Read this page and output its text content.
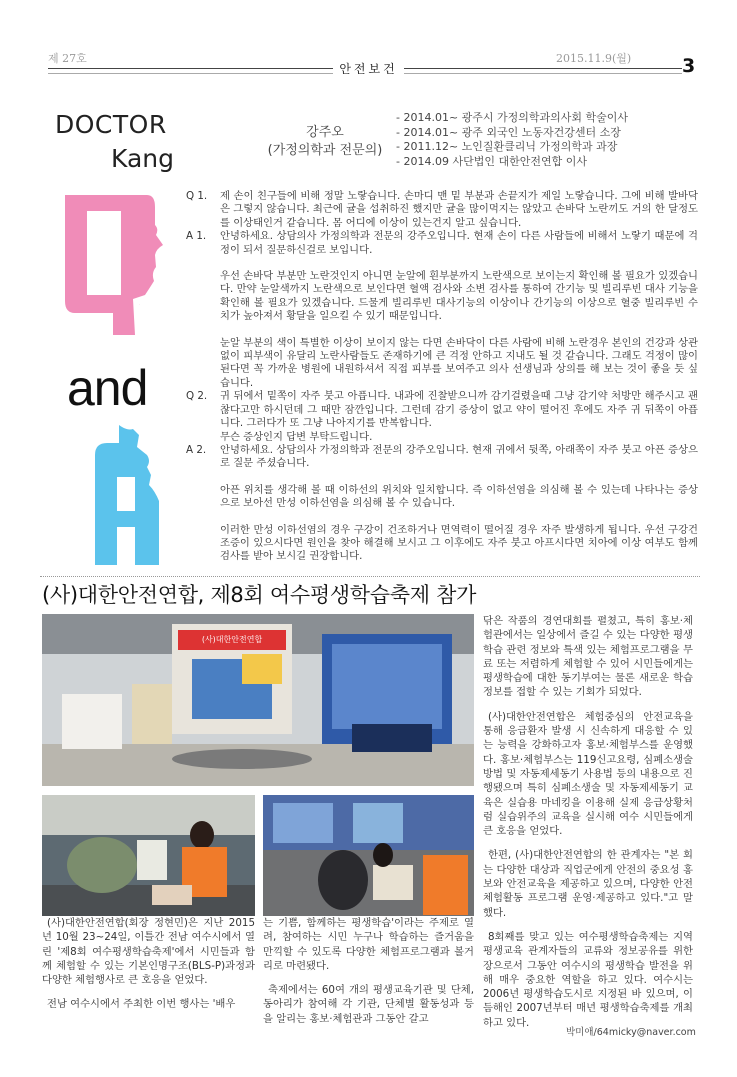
제 27호
안전보건
2015.11.9(월)	3
DOCTOR
Kang
강주오
(가정의학과 전문의)
- 2014.01~ 광주시 가정의학과의사회 학술이사
- 2014.01~ 광주 외국인 노동자건강센터 소장
- 2011.12~ 노인질환클리닉 가정의학과 과장
- 2014.09 사단법인 대한안전연합 이사
Q
and
Q 1.	제 손이 친구들에 비해 정말 노랗습니다. 손마디 맨 밑 부분과 손끝지가 제일 노랗습니다. 그에 비해 발바닥은 그렇지 않습니다. 최근에 귤을 섭취하진 했지만 귤을 많이먹지는 않았고 손바닥 노란끼도 거의 한 달정도를 이상태인거 같습니다. 몸 어디에 이상이 있는건지 알고 싶습니다.
A 1.	안녕하세요. 상담의사 가정의학과 전문의 강주오입니다. 현재 손이 다른 사람들에 비해서 노랗기 때문에 걱정이 되서 질문하신걸로 보입니다.
우선 손바닥 부분만 노란것인지 아니면 눈알에 흰부분까지 노란색으로 보이는지 확인해 볼 필요가 있겠습니다. 만약 눈알색까지 노란색으로 보인다면 혈액 검사와 소변 검사를 통하여 간기능 및 빌리루빈 대사 기능을 확인해 볼 필요가 있겠습니다. 드물게 빌리루빈 대사기능의 이상이나 간기능의 이상으로 혈중 빌리루빈 수치가 높아져서 황달을 일으킬 수 있기 때문입니다.
눈알 부분의 색이 특별한 이상이 보이지 않는 다면 손바닥이 다른 사람에 비해 노란경우 본인의 건강과 상관없이 피부색이 유달리 노란사람들도 존재하기에 큰 걱정 안하고 지내도 될 것 같습니다. 그래도 걱정이 많이 된다면 꼭 가까운 병원에 내원하셔서 직접 피부를 보여주고 의사 선생님과 상의를 해 보는 것이 좋을 듯 싶습니다.
Q 2.	귀 뒤에서 밑쪽이 자주 붓고 아픕니다. 내과에 진찰받으니까 감기걸렸을때 그냥 감기약 처방만 해주시고 괜찮다고만 하시던데 그 때만 잠깐입니다. 그런데 감기 증상이 없고 약이 떨어진 후에도 자주 귀 뒤쪽이 아픕니다. 그러다가 또 그냥 나아지기를 반복합니다.
무슨 증상인지 답변 부탁드립니다.
A 2.	안녕하세요. 상담의사 가정의학과 전문의 강주오입니다. 현재 귀에서 뒷쪽, 아래쪽이 자주 붓고 아픈 증상으로 질문 주셨습니다.
아픈 위치를 생각해 볼 때 이하선의 위치와 일치합니다. 즉 이하선염을 의심해 볼 수 있는데 나타나는 증상으로 보아선 만성 이하선염을 의심해 볼 수 있습니다.
이러한 만성 이하선염의 경우 구강이 건조하거나 면역력이 떨어질 경우 자주 발생하게 됩니다. 우선 구강건조증이 있으시다면 원인을 찾아 해결해 보시고 그 이후에도 자주 붓고 아프시다면 치아에 이상 여부도 함께 검사를 받아 보시길 권장합니다.
(사)대한안전연합, 제8회 여수평생학습축제 참가
(사)대한안전연합

(사)대한안전연합(회장 정현민)은 지난 2015년 10월 23~24일, 이틀간 전남 여수시에서 열린 '제8회 여수평생학습축제'에서 시민들과 함께 체험할 수 있는 기본인명구조(BLS-P)과정과 다양한 체험행사로 큰 호응을 얻었다.

전남 여수시에서 주최한 이번 행사는 '배우

는 기쁨, 함께하는 평생학습'이라는 주제로 열려, 참여하는 시민 누구나 학습하는 즐거움을 만끽할 수 있도록 다양한 체험프로그램과 볼거리로 마련됐다.

축제에서는 60여 개의 평생교육기관 및 단체, 동아리가 참여해 각 기관, 단체별 활동성과 등을 알리는 홍보·체험관과 그동안 갈고

닦은 작품의 경연대회를 펼쳤고, 특히 홍보·체험관에서는 일상에서 즐길 수 있는 다양한 평생학습 관련 정보와 특색 있는 체험프로그램을 무료 또는 저렴하게 체험할 수 있어 시민들에게는 평생학습에 대한 동기부여는 물론 새로운 학습정보를 접할 수 있는 기회가 되었다.

(사)대한안전연합은 체험중심의 안전교육을 통해 응급환자 발생 시 신속하게 대응할 수 있는 능력을 강화하고자 홍보·체험부스를 운영했다. 홍보·체험부스는 119신고요령, 심폐소생술 방법 및 자동제세동기 사용법 등의 내용으로 진행됐으며 특히 심폐소생술 및 자동제세동기 교육은 실습용 마네킹을 이용해 실제 응급상황처럼 실습위주의 교육을 실시해 여수 시민들에게 큰 호응을 얻었다.

한편, (사)대한안전연합의 한 관계자는 "본 회는 다양한 대상과 직업군에게 안전의 중요성 홍보와 안전교육을 제공하고 있으며, 다양한 안전체험활동 프로그램 운영·제공하고 있다."고 말했다.

8회째를 맞고 있는 여수평생학습축제는 지역 평생교육 관계자들의 교류와 정보공유를 위한 장으로서 그동안 여수시의 평생학습 발전을 위해 매우 중요한 역할을 하고 있다. 여수시는 2006년 평생학습도시로 지정된 바 있으며, 이듬해인 2007년부터 매년 평생학습축제를 개최하고 있다.

박미애/64micky@naver.com
